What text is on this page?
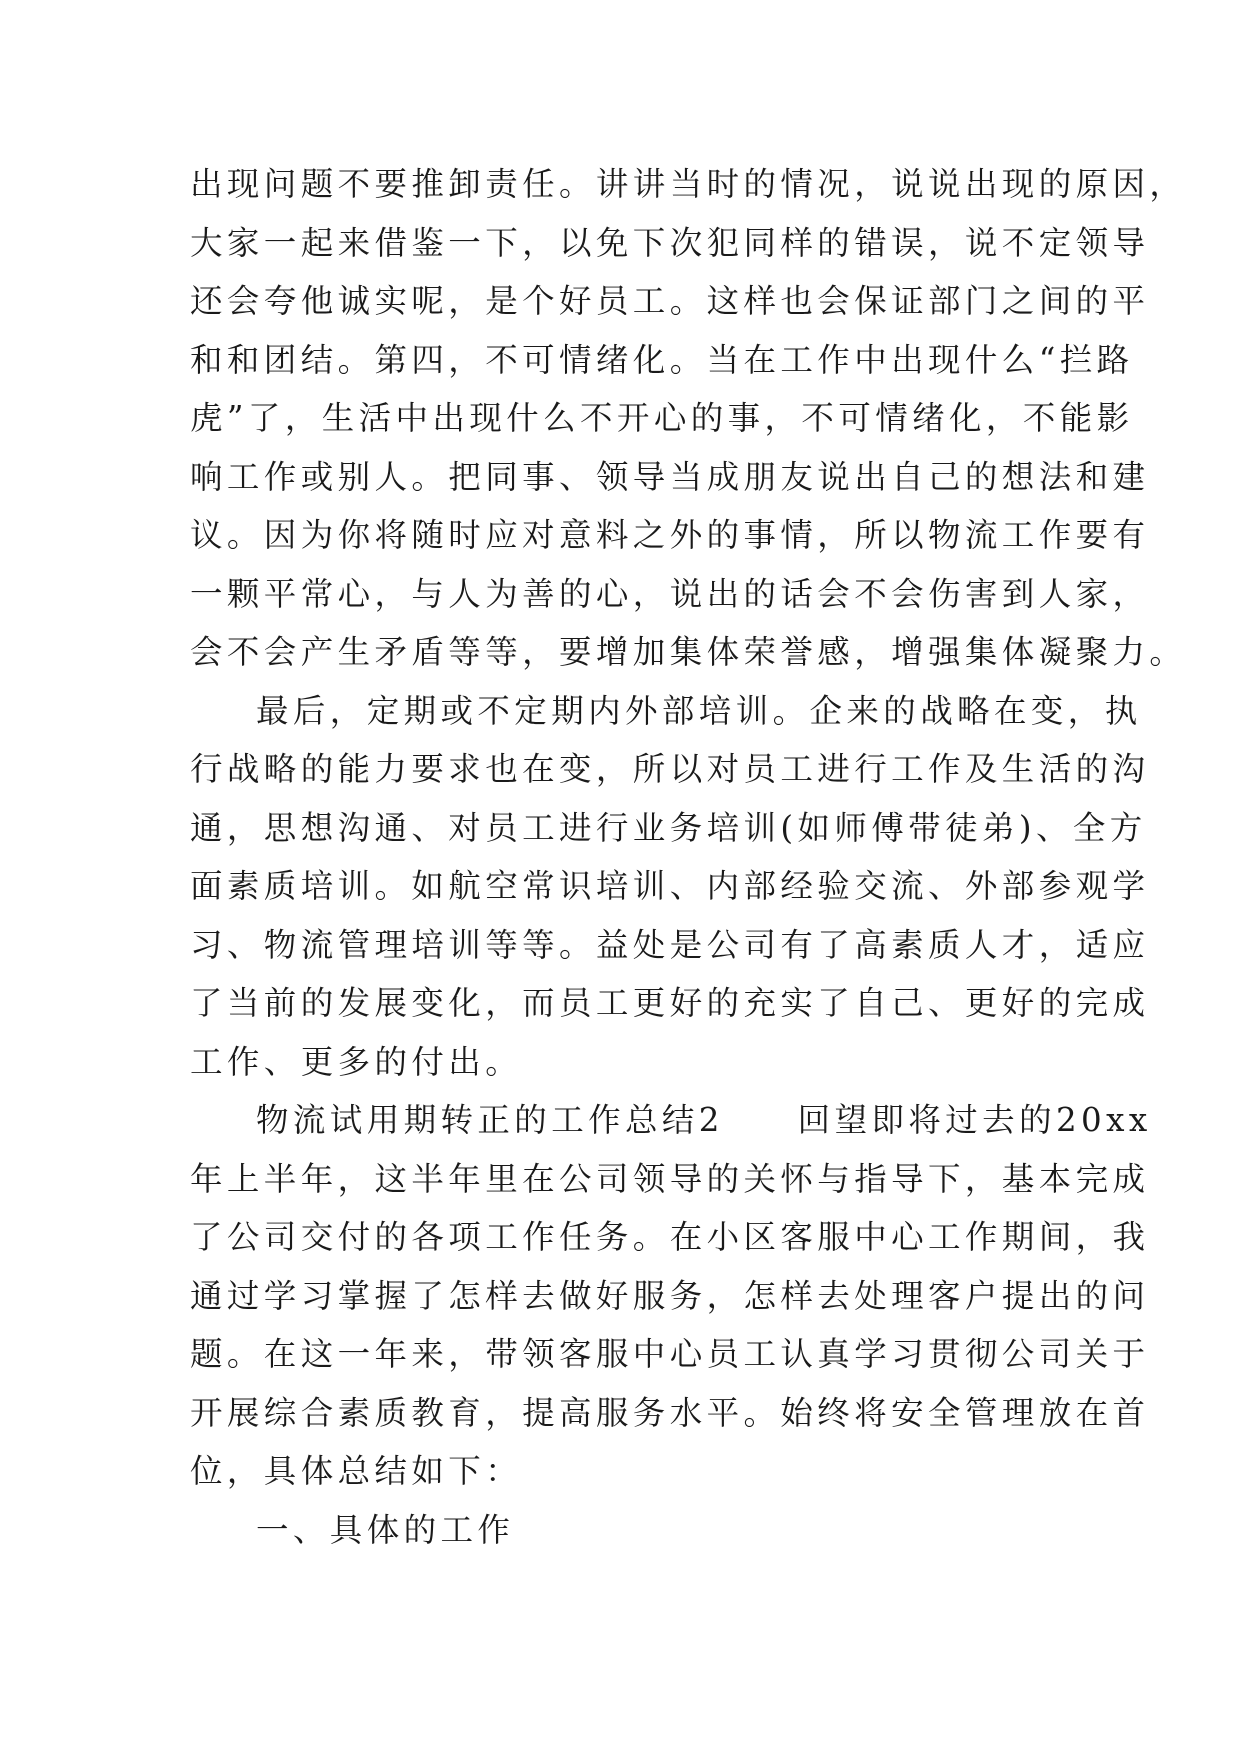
出现问题不要推卸责任。讲讲当时的情况，说说出现的原因，
大家一起来借鉴一下，以免下次犯同样的错误，说不定领导
还会夸他诚实呢，是个好员工。这样也会保证部门之间的平
和和团结。第四，不可情绪化。当在工作中出现什么“拦路
虎”了，生活中出现什么不开心的事，不可情绪化，不能影
响工作或别人。把同事、领导当成朋友说出自己的想法和建
议。因为你将随时应对意料之外的事情，所以物流工作要有
一颗平常心，与人为善的心，说出的话会不会伤害到人家，
会不会产生矛盾等等，要增加集体荣誉感，增强集体凝聚力。
最后，定期或不定期内外部培训。企来的战略在变，执
行战略的能力要求也在变，所以对员工进行工作及生活的沟
通，思想沟通、对员工进行业务培训(如师傅带徒弟)、全方
面素质培训。如航空常识培训、内部经验交流、外部参观学
习、物流管理培训等等。益处是公司有了高素质人才，适应
了当前的发展变化，而员工更好的充实了自己、更好的完成
工作、更多的付出。
物流试用期转正的工作总结2　　回望即将过去的20xx
年上半年，这半年里在公司领导的关怀与指导下，基本完成
了公司交付的各项工作任务。在小区客服中心工作期间，我
通过学习掌握了怎样去做好服务，怎样去处理客户提出的问
题。在这一年来，带领客服中心员工认真学习贯彻公司关于
开展综合素质教育，提高服务水平。始终将安全管理放在首
位，具体总结如下：
一、具体的工作
